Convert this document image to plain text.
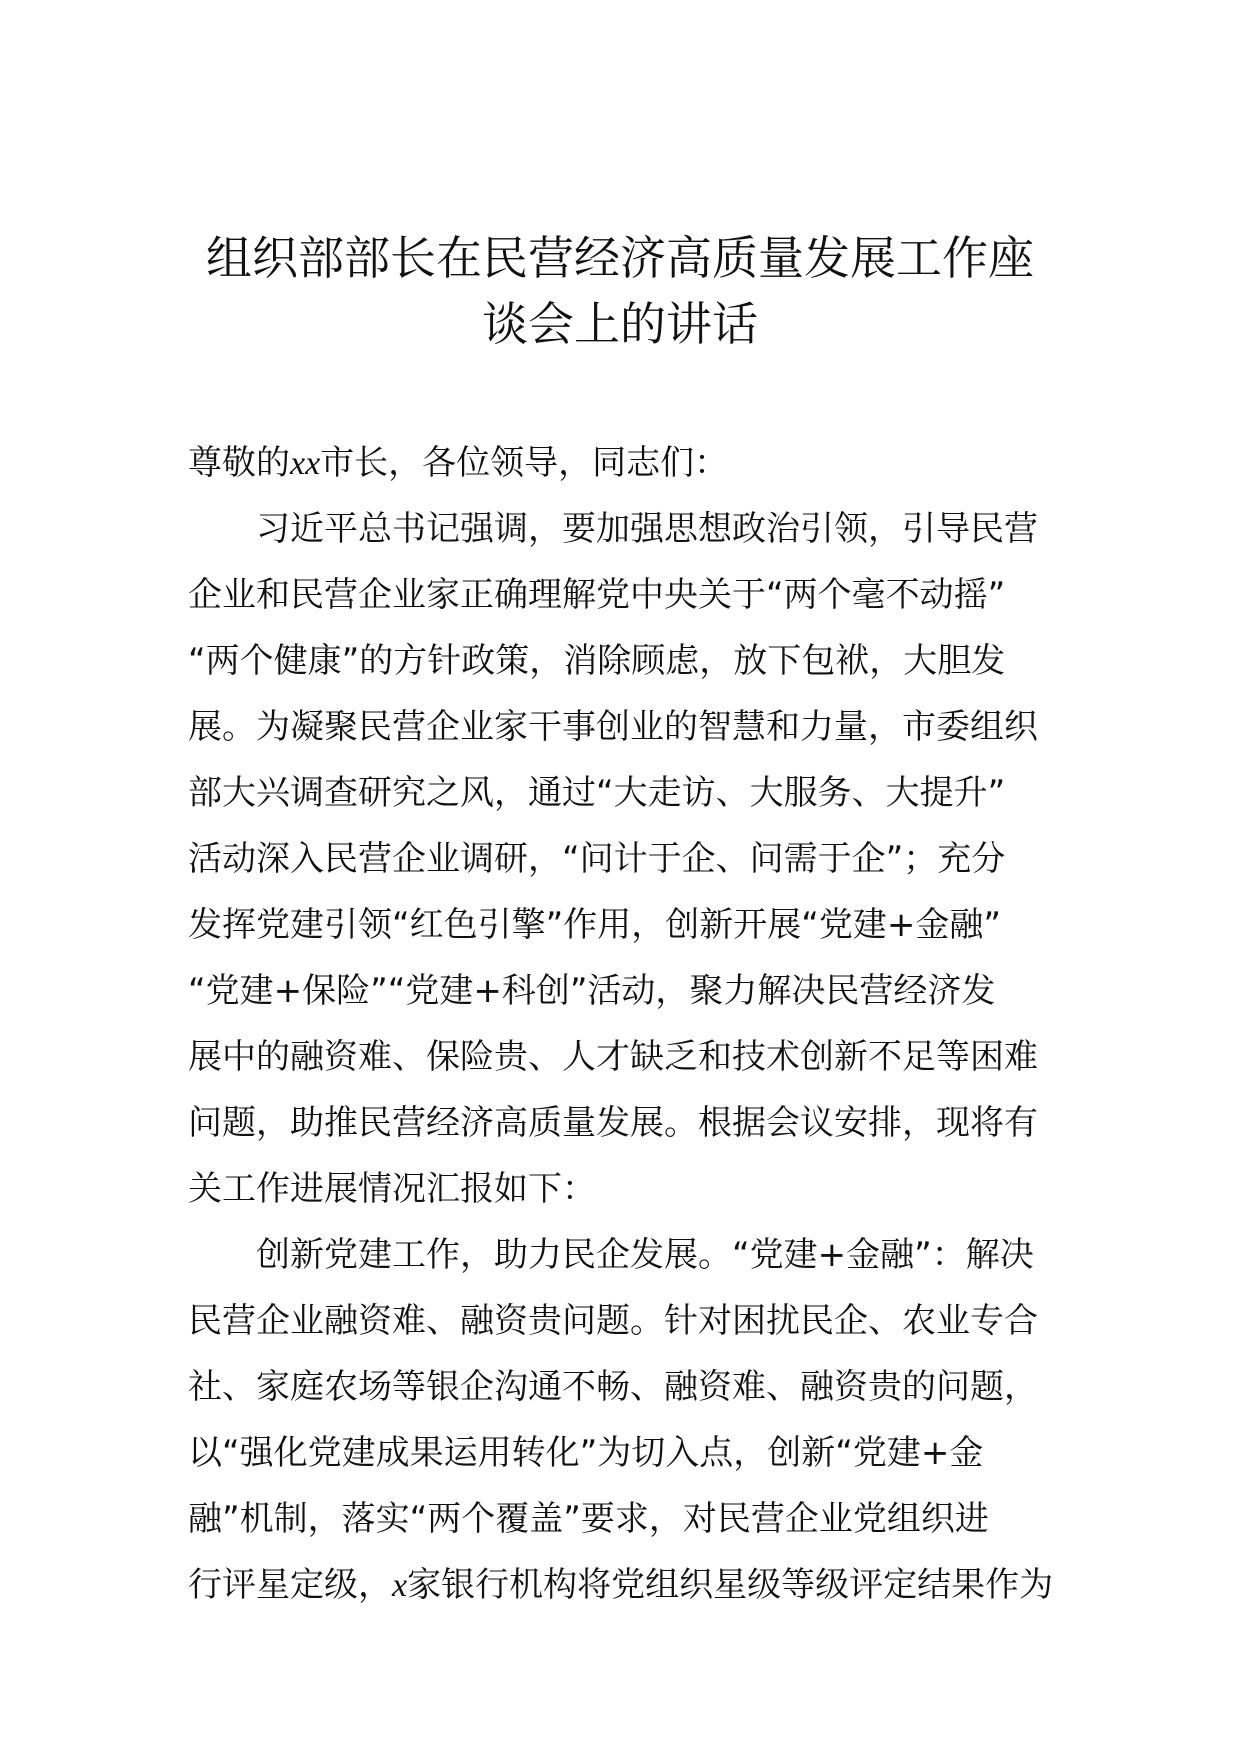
组织部部长在民营经济高质量发展工作座
谈会上的讲话
尊敬的xx市长，各位领导，同志们：
习近平总书记强调，要加强思想政治引领，引导民营
企业和民营企业家正确理解党中央关于“两个毫不动摇”
“两个健康”的方针政策，消除顾虑，放下包袱，大胆发
展。为凝聚民营企业家干事创业的智慧和力量，市委组织
部大兴调查研究之风，通过“大走访、大服务、大提升”
活动深入民营企业调研，“问计于企、问需于企”；充分
发挥党建引领“红色引擎”作用，创新开展“党建+金融”
“党建+保险”“党建+科创”活动，聚力解决民营经济发
展中的融资难、保险贵、人才缺乏和技术创新不足等困难
问题，助推民营经济高质量发展。根据会议安排，现将有
关工作进展情况汇报如下：
创新党建工作，助力民企发展。“党建+金融”：解决
民营企业融资难、融资贵问题。针对困扰民企、农业专合
社、家庭农场等银企沟通不畅、融资难、融资贵的问题，
以“强化党建成果运用转化”为切入点，创新“党建+金
融”机制，落实“两个覆盖”要求，对民营企业党组织进
行评星定级，x家银行机构将党组织星级等级评定结果作为
